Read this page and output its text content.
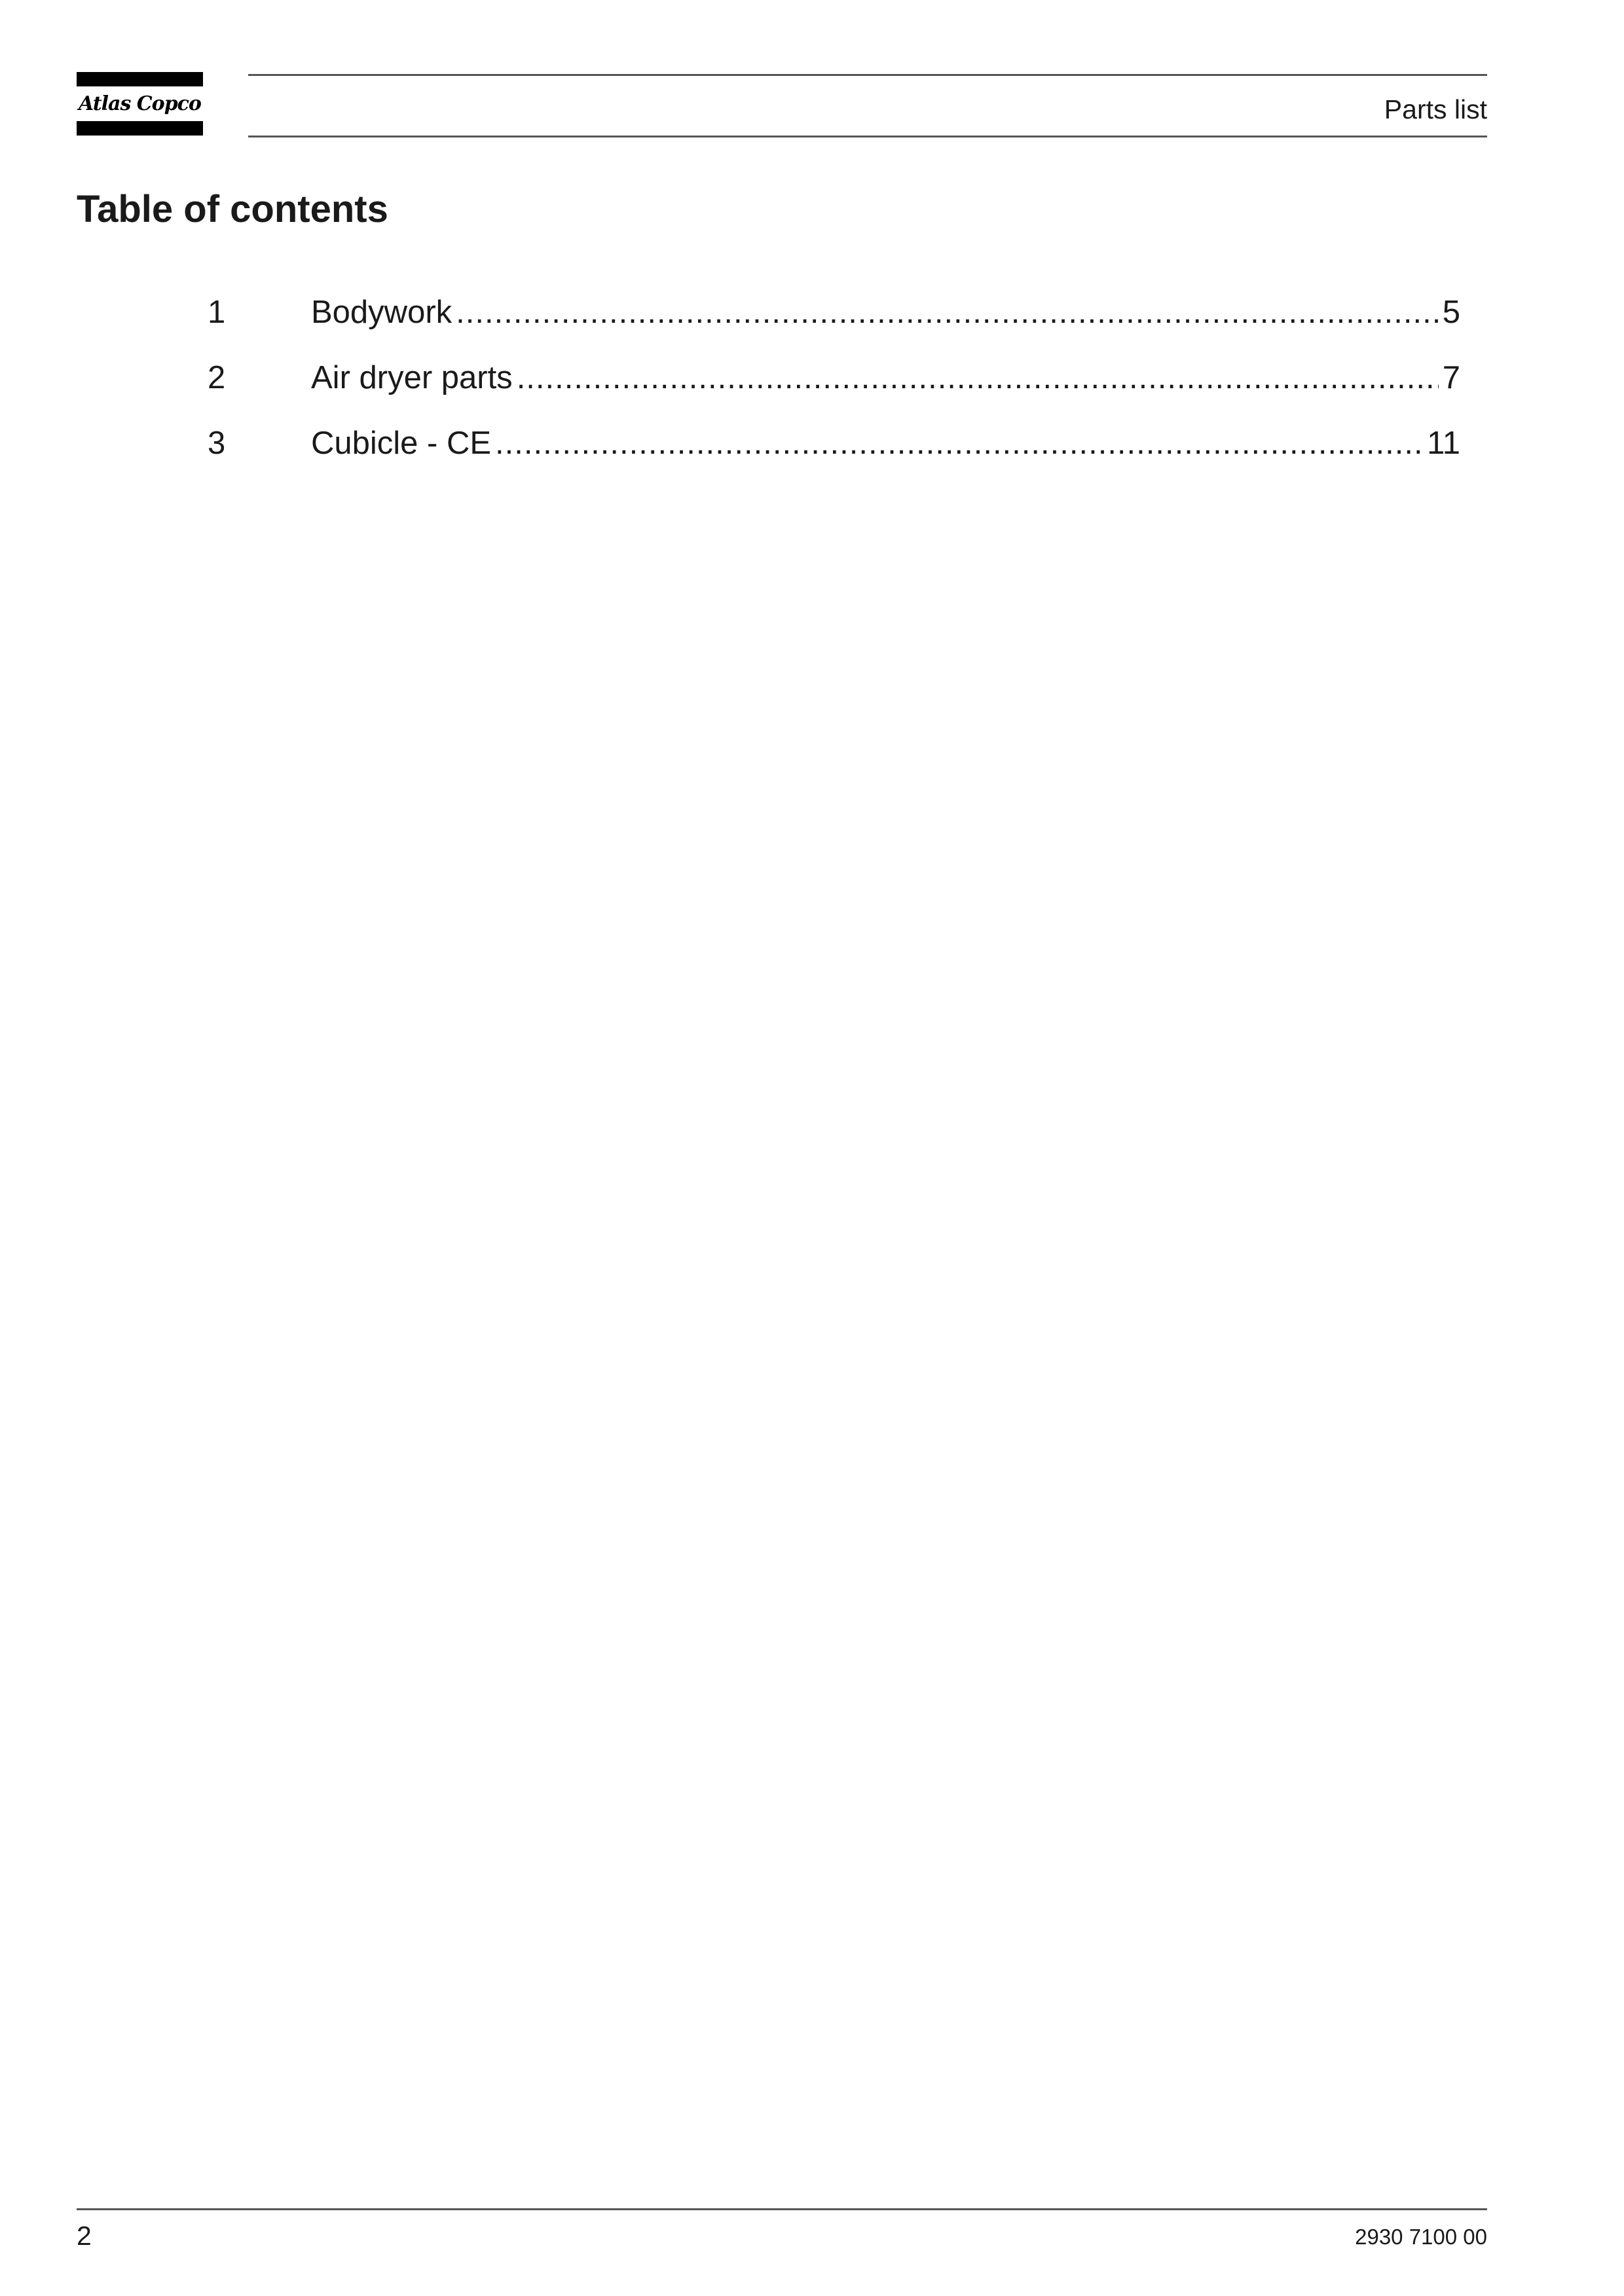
Atlas Copco	Parts list
Table of contents
1	Bodywork .....	5
2	Air dryer parts .....	7
3	Cubicle - CE .....	11
2	2930 7100 00
